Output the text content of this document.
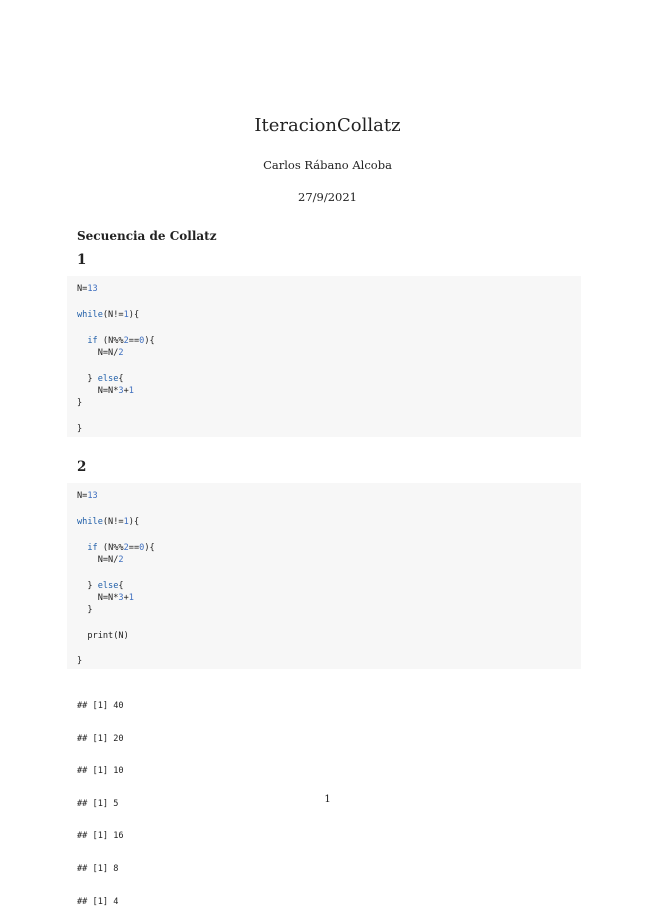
IteracionCollatz
Carlos Rábano Alcoba
27/9/2021
Secuencia de Collatz
1
N=13
while(N!=1){
if (N%%2==0){
N=N/2
} else{
N=N*3+1
}
}
2
N=13
while(N!=1){
if (N%%2==0){
N=N/2
} else{
N=N*3+1
}
print(N)
}

## [1] 40

## [1] 20

## [1] 10

## [1] 5

## [1] 16

## [1] 8

## [1] 4

1
